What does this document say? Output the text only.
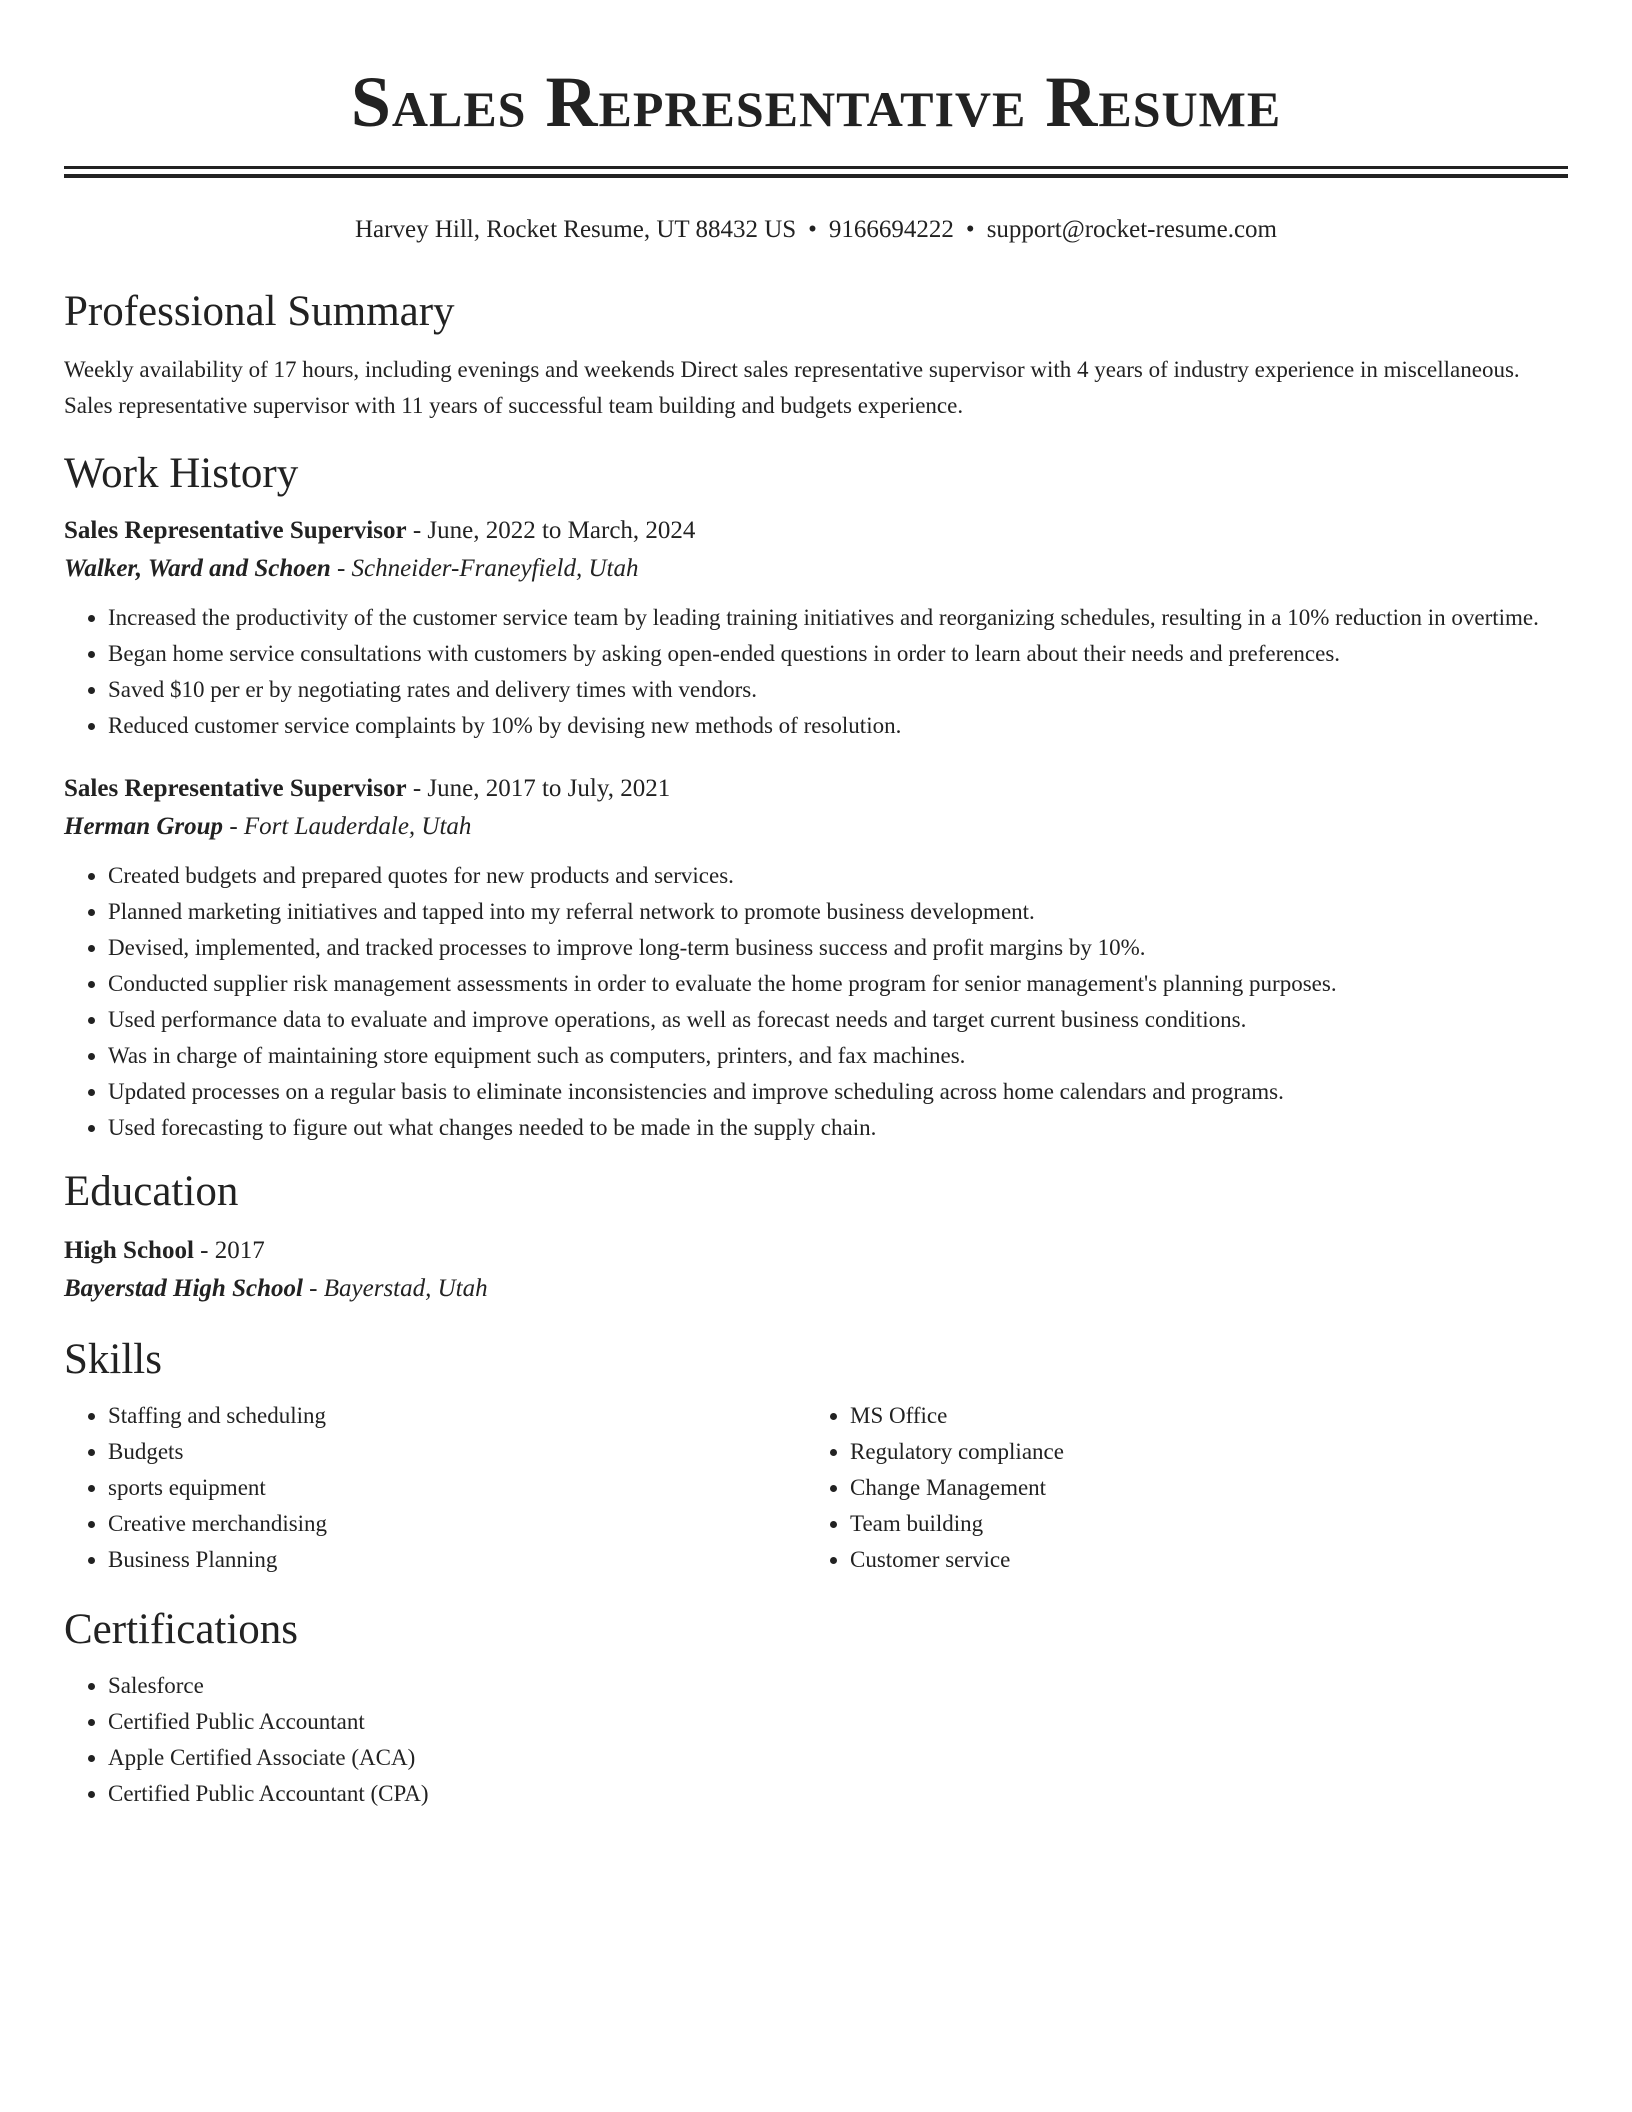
Sales Representative Resume
Harvey Hill, Rocket Resume, UT 88432 US • 9166694222 • support@rocket-resume.com
Professional Summary

Weekly availability of 17 hours, including evenings and weekends Direct sales representative supervisor with 4 years of industry experience in miscellaneous. Sales representative supervisor with 11 years of successful team building and budgets experience.

Work History
Sales Representative Supervisor - June, 2022 to March, 2024
Walker, Ward and Schoen - Schneider-Franeyfield, Utah
• Increased the productivity of the customer service team by leading training initiatives and reorganizing schedules, resulting in a 10% reduction in overtime.
• Began home service consultations with customers by asking open-ended questions in order to learn about their needs and preferences.
• Saved $10 per er by negotiating rates and delivery times with vendors.
• Reduced customer service complaints by 10% by devising new methods of resolution.
Sales Representative Supervisor - June, 2017 to July, 2021
Herman Group - Fort Lauderdale, Utah
• Created budgets and prepared quotes for new products and services.
• Planned marketing initiatives and tapped into my referral network to promote business development.
• Devised, implemented, and tracked processes to improve long-term business success and profit margins by 10%.
• Conducted supplier risk management assessments in order to evaluate the home program for senior management's planning purposes.
• Used performance data to evaluate and improve operations, as well as forecast needs and target current business conditions.
• Was in charge of maintaining store equipment such as computers, printers, and fax machines.
• Updated processes on a regular basis to eliminate inconsistencies and improve scheduling across home calendars and programs.
• Used forecasting to figure out what changes needed to be made in the supply chain.
Education
High School - 2017
Bayerstad High School - Bayerstad, Utah
Skills
• Staffing and scheduling
• Budgets
• sports equipment
• Creative merchandising
• Business Planning
• MS Office
• Regulatory compliance
• Change Management
• Team building
• Customer service
Certifications
• Salesforce
• Certified Public Accountant
• Apple Certified Associate (ACA)
• Certified Public Accountant (CPA)
